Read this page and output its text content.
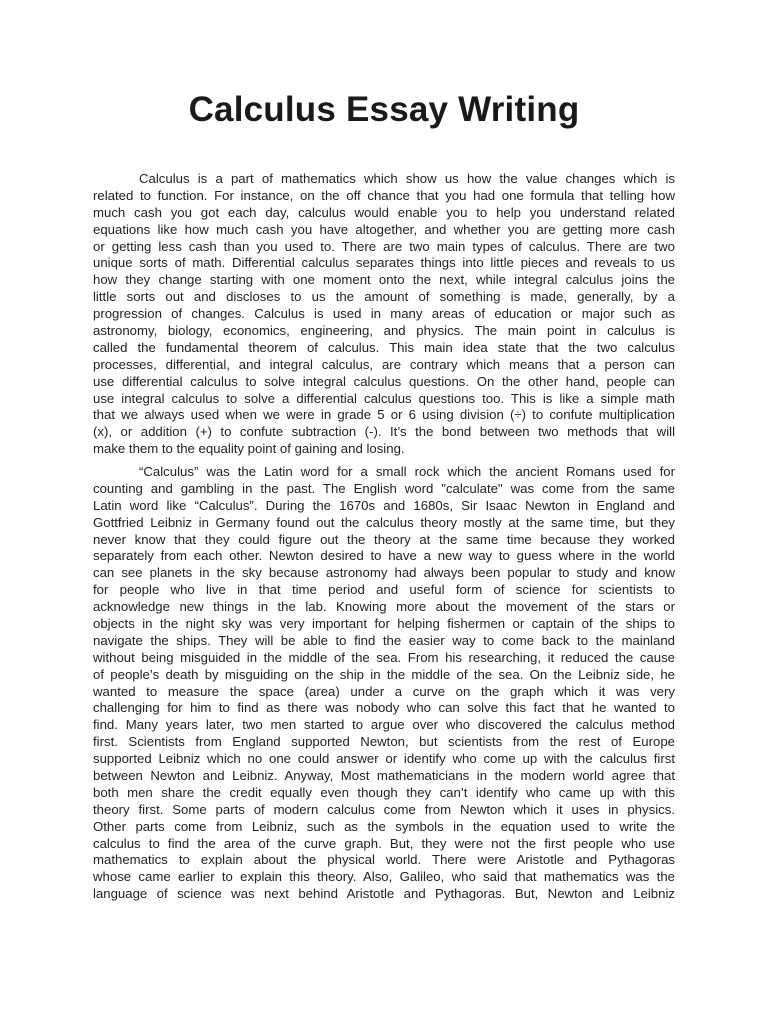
Calculus Essay Writing
Calculus is a part of mathematics which show us how the value changes which is
related to function. For instance, on the off chance that you had one formula that telling how
much cash you got each day, calculus would enable you to help you understand related
equations like how much cash you have altogether, and whether you are getting more cash
or getting less cash than you used to. There are two main types of calculus. There are two
unique sorts of math. Differential calculus separates things into little pieces and reveals to us
how they change starting with one moment onto the next, while integral calculus joins the
little sorts out and discloses to us the amount of something is made, generally, by a
progression of changes. Calculus is used in many areas of education or major such as
astronomy, biology, economics, engineering, and physics. The main point in calculus is
called the fundamental theorem of calculus. This main idea state that the two calculus
processes, differential, and integral calculus, are contrary which means that a person can
use differential calculus to solve integral calculus questions. On the other hand, people can
use integral calculus to solve a differential calculus questions too. This is like a simple math
that we always used when we were in grade 5 or 6 using division (÷) to confute multiplication
(x), or addition (+) to confute subtraction (-). It’s the bond between two methods that will
make them to the equality point of gaining and losing.
“Calculus” was the Latin word for a small rock which the ancient Romans used for
counting and gambling in the past. The English word "calculate" was come from the same
Latin word like “Calculus”. During the 1670s and 1680s, Sir Isaac Newton in England and
Gottfried Leibniz in Germany found out the calculus theory mostly at the same time, but they
never know that they could figure out the theory at the same time because they worked
separately from each other. Newton desired to have a new way to guess where in the world
can see planets in the sky because astronomy had always been popular to study and know
for people who live in that time period and useful form of science for scientists to
acknowledge new things in the lab. Knowing more about the movement of the stars or
objects in the night sky was very important for helping fishermen or captain of the ships to
navigate the ships. They will be able to find the easier way to come back to the mainland
without being misguided in the middle of the sea. From his researching, it reduced the cause
of people’s death by misguiding on the ship in the middle of the sea. On the Leibniz side, he
wanted to measure the space (area) under a curve on the graph which it was very
challenging for him to find as there was nobody who can solve this fact that he wanted to
find. Many years later, two men started to argue over who discovered the calculus method
first. Scientists from England supported Newton, but scientists from the rest of Europe
supported Leibniz which no one could answer or identify who come up with the calculus first
between Newton and Leibniz. Anyway, Most mathematicians in the modern world agree that
both men share the credit equally even though they can’t identify who came up with this
theory first. Some parts of modern calculus come from Newton which it uses in physics.
Other parts come from Leibniz, such as the symbols in the equation used to write the
calculus to find the area of the curve graph. But, they were not the first people who use
mathematics to explain about the physical world. There were Aristotle and Pythagoras
whose came earlier to explain this theory. Also, Galileo, who said that mathematics was the
language of science was next behind Aristotle and Pythagoras. But, Newton and Leibniz
